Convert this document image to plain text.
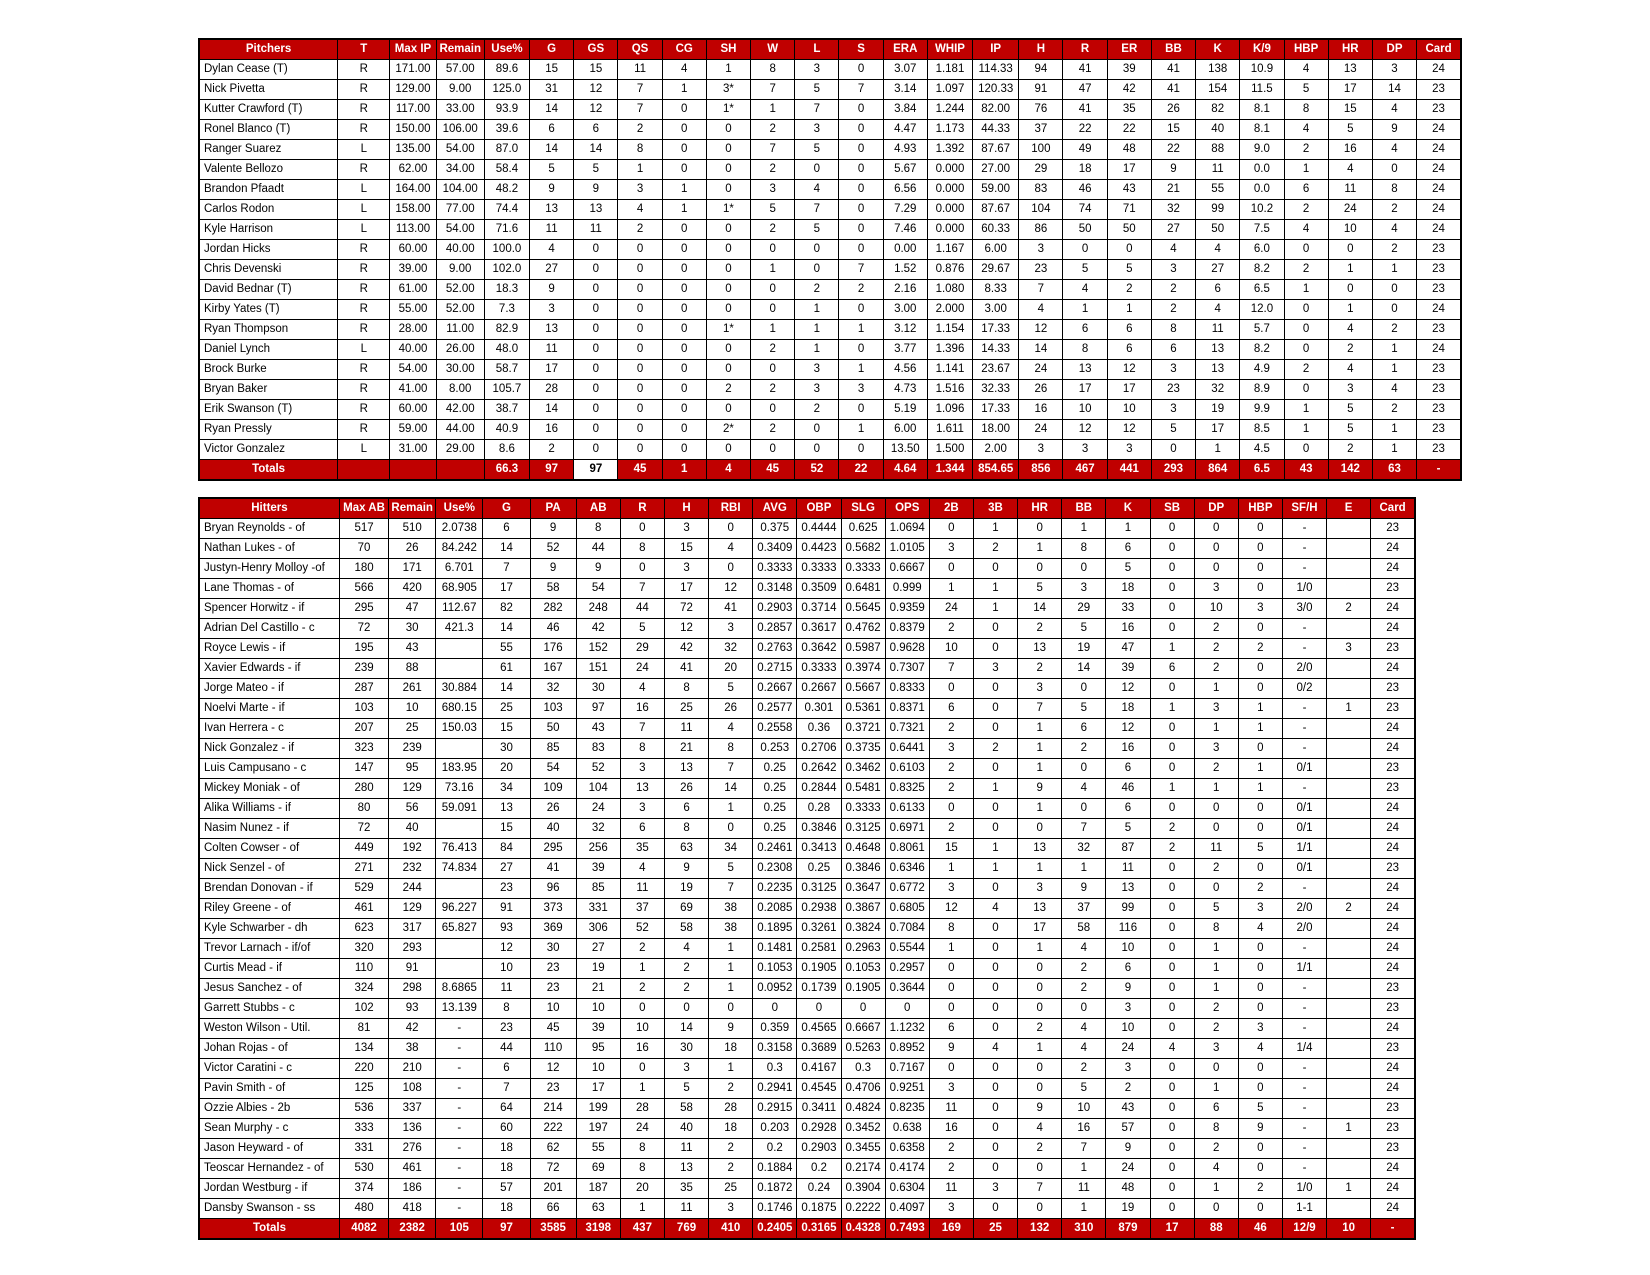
Pitchers	T	Max IP	Remain	Use%	G	GS	QS	CG	SH	W	L	S	ERA	WHIP	IP	H	R	ER	BB	K	K/9	HBP	HR	DP	Card
Dylan Cease (T)	R	171.00	57.00	89.6	15	15	11	4	1	8	3	0	3.07	1.181	114.33	94	41	39	41	138	10.9	4	13	3	24
Nick Pivetta	R	129.00	9.00	125.0	31	12	7	1	3*	7	5	7	3.14	1.097	120.33	91	47	42	41	154	11.5	5	17	14	23
Kutter Crawford (T)	R	117.00	33.00	93.9	14	12	7	0	1*	1	7	0	3.84	1.244	82.00	76	41	35	26	82	8.1	8	15	4	23
Ronel Blanco (T)	R	150.00	106.00	39.6	6	6	2	0	0	2	3	0	4.47	1.173	44.33	37	22	22	15	40	8.1	4	5	9	24
Ranger Suarez	L	135.00	54.00	87.0	14	14	8	0	0	7	5	0	4.93	1.392	87.67	100	49	48	22	88	9.0	2	16	4	24
Valente Bellozo	R	62.00	34.00	58.4	5	5	1	0	0	2	0	0	5.67	0.000	27.00	29	18	17	9	11	0.0	1	4	0	24
Brandon Pfaadt	L	164.00	104.00	48.2	9	9	3	1	0	3	4	0	6.56	0.000	59.00	83	46	43	21	55	0.0	6	11	8	24
Carlos Rodon	L	158.00	77.00	74.4	13	13	4	1	1*	5	7	0	7.29	0.000	87.67	104	74	71	32	99	10.2	2	24	2	24
Kyle Harrison	L	113.00	54.00	71.6	11	11	2	0	0	2	5	0	7.46	0.000	60.33	86	50	50	27	50	7.5	4	10	4	24
Jordan Hicks	R	60.00	40.00	100.0	4	0	0	0	0	0	0	0	0.00	1.167	6.00	3	0	0	4	4	6.0	0	0	2	23
Chris Devenski	R	39.00	9.00	102.0	27	0	0	0	0	1	0	7	1.52	0.876	29.67	23	5	5	3	27	8.2	2	1	1	23
David Bednar (T)	R	61.00	52.00	18.3	9	0	0	0	0	0	2	2	2.16	1.080	8.33	7	4	2	2	6	6.5	1	0	0	23
Kirby Yates (T)	R	55.00	52.00	7.3	3	0	0	0	0	0	1	0	3.00	2.000	3.00	4	1	1	2	4	12.0	0	1	0	24
Ryan Thompson	R	28.00	11.00	82.9	13	0	0	0	1*	1	1	1	3.12	1.154	17.33	12	6	6	8	11	5.7	0	4	2	23
Daniel Lynch	L	40.00	26.00	48.0	11	0	0	0	0	2	1	0	3.77	1.396	14.33	14	8	6	6	13	8.2	0	2	1	24
Brock Burke	R	54.00	30.00	58.7	17	0	0	0	0	0	3	1	4.56	1.141	23.67	24	13	12	3	13	4.9	2	4	1	23
Bryan Baker	R	41.00	8.00	105.7	28	0	0	0	2	2	3	3	4.73	1.516	32.33	26	17	17	23	32	8.9	0	3	4	23
Erik Swanson (T)	R	60.00	42.00	38.7	14	0	0	0	0	0	2	0	5.19	1.096	17.33	16	10	10	3	19	9.9	1	5	2	23
Ryan Pressly	R	59.00	44.00	40.9	16	0	0	0	2*	2	0	1	6.00	1.611	18.00	24	12	12	5	17	8.5	1	5	1	23
Victor Gonzalez	L	31.00	29.00	8.6	2	0	0	0	0	0	0	0	13.50	1.500	2.00	3	3	3	0	1	4.5	0	2	1	23
Totals				66.3	97	97	45	1	4	45	52	22	4.64	1.344	854.65	856	467	441	293	864	6.5	43	142	63	-
Hitters	Max AB	Remain	Use%	G	PA	AB	R	H	RBI	AVG	OBP	SLG	OPS	2B	3B	HR	BB	K	SB	DP	HBP	SF/H	E	Card
Bryan Reynolds - of	517	510	2.0738	6	9	8	0	3	0	0.375	0.4444	0.625	1.0694	0	1	0	1	1	0	0	0	-		23
Nathan Lukes - of	70	26	84.242	14	52	44	8	15	4	0.3409	0.4423	0.5682	1.0105	3	2	1	8	6	0	0	0	-		24
Justyn-Henry Molloy -of	180	171	6.701	7	9	9	0	3	0	0.3333	0.3333	0.3333	0.6667	0	0	0	0	5	0	0	0	-		24
Lane Thomas - of	566	420	68.905	17	58	54	7	17	12	0.3148	0.3509	0.6481	0.999	1	1	5	3	18	0	3	0	1/0		23
Spencer Horwitz - if	295	47	112.67	82	282	248	44	72	41	0.2903	0.3714	0.5645	0.9359	24	1	14	29	33	0	10	3	3/0	2	24
Adrian Del Castillo - c	72	30	421.3	14	46	42	5	12	3	0.2857	0.3617	0.4762	0.8379	2	0	2	5	16	0	2	0	-		24
Royce Lewis - if	195	43		55	176	152	29	42	32	0.2763	0.3642	0.5987	0.9628	10	0	13	19	47	1	2	2	-	3	23
Xavier Edwards - if	239	88		61	167	151	24	41	20	0.2715	0.3333	0.3974	0.7307	7	3	2	14	39	6	2	0	2/0		24
Jorge Mateo - if	287	261	30.884	14	32	30	4	8	5	0.2667	0.2667	0.5667	0.8333	0	0	3	0	12	0	1	0	0/2		23
Noelvi Marte - if	103	10	680.15	25	103	97	16	25	26	0.2577	0.301	0.5361	0.8371	6	0	7	5	18	1	3	1	-	1	23
Ivan Herrera - c	207	25	150.03	15	50	43	7	11	4	0.2558	0.36	0.3721	0.7321	2	0	1	6	12	0	1	1	-		24
Nick Gonzalez - if	323	239		30	85	83	8	21	8	0.253	0.2706	0.3735	0.6441	3	2	1	2	16	0	3	0	-		24
Luis Campusano - c	147	95	183.95	20	54	52	3	13	7	0.25	0.2642	0.3462	0.6103	2	0	1	0	6	0	2	1	0/1		23
Mickey Moniak - of	280	129	73.16	34	109	104	13	26	14	0.25	0.2844	0.5481	0.8325	2	1	9	4	46	1	1	1	-		23
Alika Williams - if	80	56	59.091	13	26	24	3	6	1	0.25	0.28	0.3333	0.6133	0	0	1	0	6	0	0	0	0/1		24
Nasim Nunez - if	72	40		15	40	32	6	8	0	0.25	0.3846	0.3125	0.6971	2	0	0	7	5	2	0	0	0/1		24
Colten Cowser - of	449	192	76.413	84	295	256	35	63	34	0.2461	0.3413	0.4648	0.8061	15	1	13	32	87	2	11	5	1/1		24
Nick Senzel - of	271	232	74.834	27	41	39	4	9	5	0.2308	0.25	0.3846	0.6346	1	1	1	1	11	0	2	0	0/1		23
Brendan Donovan - if	529	244		23	96	85	11	19	7	0.2235	0.3125	0.3647	0.6772	3	0	3	9	13	0	0	2	-		24
Riley Greene - of	461	129	96.227	91	373	331	37	69	38	0.2085	0.2938	0.3867	0.6805	12	4	13	37	99	0	5	3	2/0	2	24
Kyle Schwarber - dh	623	317	65.827	93	369	306	52	58	38	0.1895	0.3261	0.3824	0.7084	8	0	17	58	116	0	8	4	2/0		24
Trevor Larnach - if/of	320	293		12	30	27	2	4	1	0.1481	0.2581	0.2963	0.5544	1	0	1	4	10	0	1	0	-		24
Curtis Mead - if	110	91		10	23	19	1	2	1	0.1053	0.1905	0.1053	0.2957	0	0	0	2	6	0	1	0	1/1		24
Jesus Sanchez - of	324	298	8.6865	11	23	21	2	2	1	0.0952	0.1739	0.1905	0.3644	0	0	0	2	9	0	1	0	-		23
Garrett Stubbs - c	102	93	13.139	8	10	10	0	0	0	0	0	0	0	0	0	0	0	3	0	2	0	-		23
Weston Wilson - Util.	81	42	-	23	45	39	10	14	9	0.359	0.4565	0.6667	1.1232	6	0	2	4	10	0	2	3	-		24
Johan Rojas - of	134	38	-	44	110	95	16	30	18	0.3158	0.3689	0.5263	0.8952	9	4	1	4	24	4	3	4	1/4		23
Victor Caratini - c	220	210	-	6	12	10	0	3	1	0.3	0.4167	0.3	0.7167	0	0	0	2	3	0	0	0	-		24
Pavin Smith - of	125	108	-	7	23	17	1	5	2	0.2941	0.4545	0.4706	0.9251	3	0	0	5	2	0	1	0	-		24
Ozzie Albies - 2b	536	337	-	64	214	199	28	58	28	0.2915	0.3411	0.4824	0.8235	11	0	9	10	43	0	6	5	-		23
Sean Murphy - c	333	136	-	60	222	197	24	40	18	0.203	0.2928	0.3452	0.638	16	0	4	16	57	0	8	9	-	1	23
Jason Heyward - of	331	276	-	18	62	55	8	11	2	0.2	0.2903	0.3455	0.6358	2	0	2	7	9	0	2	0	-		23
Teoscar Hernandez - of	530	461	-	18	72	69	8	13	2	0.1884	0.2	0.2174	0.4174	2	0	0	1	24	0	4	0	-		24
Jordan Westburg - if	374	186	-	57	201	187	20	35	25	0.1872	0.24	0.3904	0.6304	11	3	7	11	48	0	1	2	1/0	1	24
Dansby Swanson - ss	480	418	-	18	66	63	1	11	3	0.1746	0.1875	0.2222	0.4097	3	0	0	1	19	0	0	0	1-1		24
Totals	4082	2382	105	97	3585	3198	437	769	410	0.2405	0.3165	0.4328	0.7493	169	25	132	310	879	17	88	46	12/9	10	-
